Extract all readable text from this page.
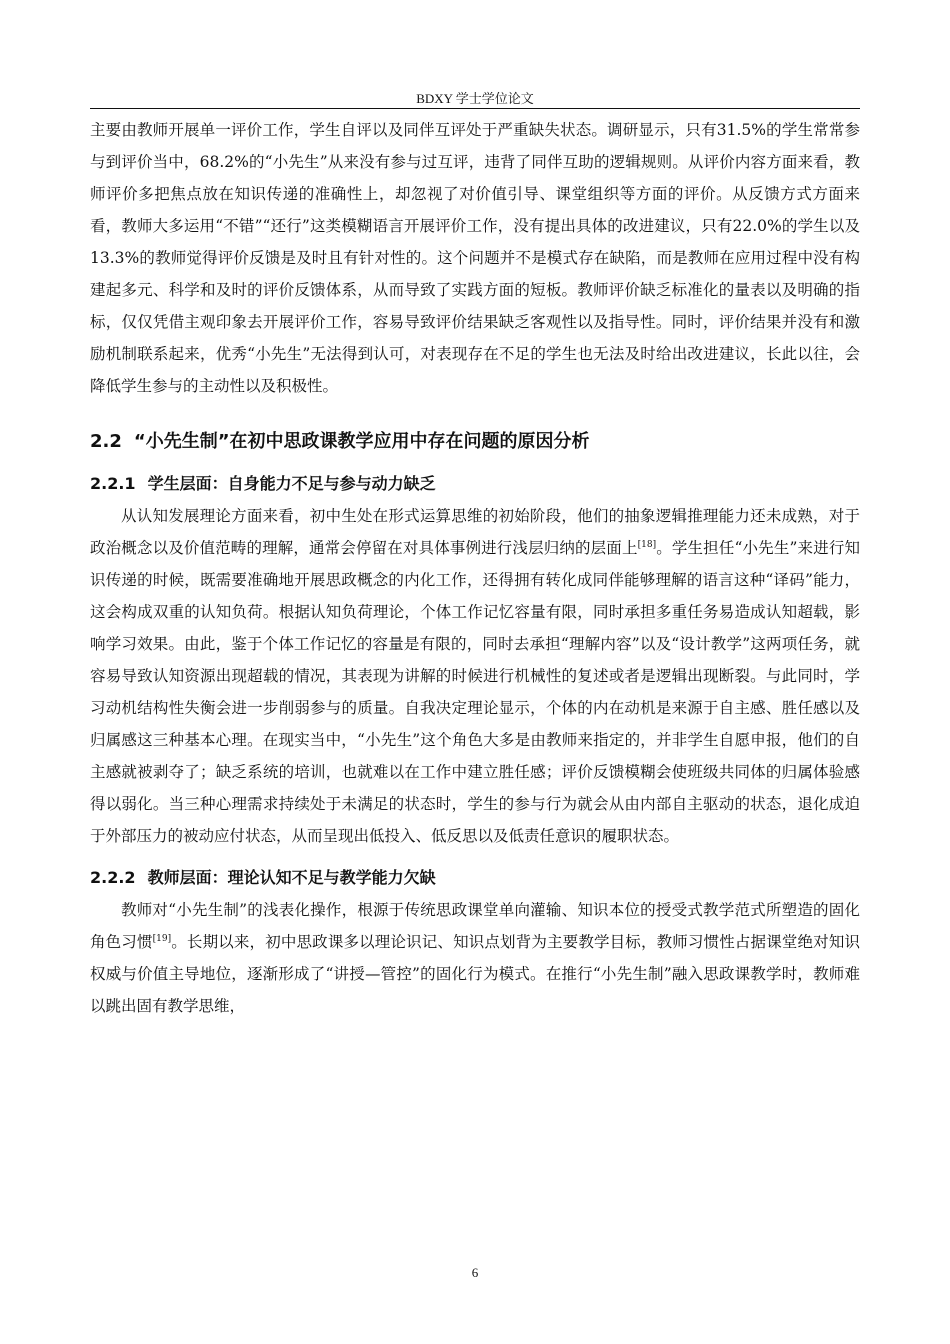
BDXY 学士学位论文

主要由教师开展单一评价工作，学生自评以及同伴互评处于严重缺失状态。调研显示，只有31.5%的学生常常参与到评价当中，68.2%的“小先生”从来没有参与过互评，违背了同伴互助的逻辑规则。从评价内容方面来看，教师评价多把焦点放在知识传递的准确性上，却忽视了对价值引导、课堂组织等方面的评价。从反馈方式方面来看，教师大多运用“不错”“还行”这类模糊语言开展评价工作，没有提出具体的改进建议，只有22.0%的学生以及13.3%的教师觉得评价反馈是及时且有针对性的。这个问题并不是模式存在缺陷，而是教师在应用过程中没有构建起多元、科学和及时的评价反馈体系，从而导致了实践方面的短板。教师评价缺乏标准化的量表以及明确的指标，仅仅凭借主观印象去开展评价工作，容易导致评价结果缺乏客观性以及指导性。同时，评价结果并没有和激励机制联系起来，优秀“小先生”无法得到认可，对表现存在不足的学生也无法及时给出改进建议，长此以往，会降低学生参与的主动性以及积极性。

2.2 “小先生制”在初中思政课教学应用中存在问题的原因分析
2.2.1 学生层面：自身能力不足与参与动力缺乏

从认知发展理论方面来看，初中生处在形式运算思维的初始阶段，他们的抽象逻辑推理能力还未成熟，对于政治概念以及价值范畴的理解，通常会停留在对具体事例进行浅层归纳的层面上[18]。学生担任“小先生”来进行知识传递的时候，既需要准确地开展思政概念的内化工作，还得拥有转化成同伴能够理解的语言这种“译码”能力，这会构成双重的认知负荷。根据认知负荷理论，个体工作记忆容量有限，同时承担多重任务易造成认知超载，影响学习效果。由此，鉴于个体工作记忆的容量是有限的，同时去承担“理解内容”以及“设计教学”这两项任务，就容易导致认知资源出现超载的情况，其表现为讲解的时候进行机械性的复述或者是逻辑出现断裂。与此同时，学习动机结构性失衡会进一步削弱参与的质量。自我决定理论显示，个体的内在动机是来源于自主感、胜任感以及归属感这三种基本心理。在现实当中，“小先生”这个角色大多是由教师来指定的，并非学生自愿申报，他们的自主感就被剥夺了；缺乏系统的培训，也就难以在工作中建立胜任感；评价反馈模糊会使班级共同体的归属体验感得以弱化。当三种心理需求持续处于未满足的状态时，学生的参与行为就会从由内部自主驱动的状态，退化成迫于外部压力的被动应付状态，从而呈现出低投入、低反思以及低责任意识的履职状态。

2.2.2 教师层面：理论认知不足与教学能力欠缺

教师对“小先生制”的浅表化操作，根源于传统思政课堂单向灌输、知识本位的授受式教学范式所塑造的固化角色习惯[19]。长期以来，初中思政课多以理论识记、知识点划背为主要教学目标，教师习惯性占据课堂绝对知识权威与价值主导地位，逐渐形成了“讲授—管控”的固化行为模式。在推行“小先生制”融入思政课教学时，教师难以跳出固有教学思维，

6
